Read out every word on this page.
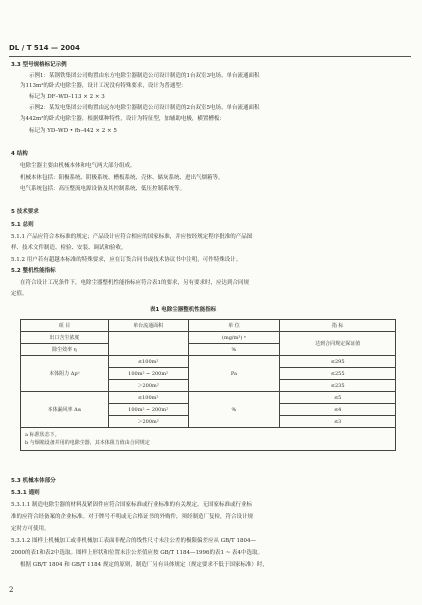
DL / T 514 — 2004
3.3 型号规格标记示例
示例1：某钢铁集团公司购置由东方电除尘器制造公司设计制造的1台双室3电场、单台流通面积
为113m²的卧式电除尘器，设计工况没有特殊要求，设计为普通型：
标记为 DF–WD–113 × 2 × 3
示例2：某发电集团公司购置由远东电除尘器制造公司设计制造的2台双室5电场、单台流通面积
为442m²的卧式电除尘器，根据煤种特性，设计为特征型，加辅助电极，横置槽板：
标记为 YD–WD • fh–442 × 2 × 5
4 结构
电除尘器主要由机械本体和电气两大部分组成。
机械本体包括：阳极系统、阴极系统、槽板系统、壳体、储灰系统、进出气烟箱等。
电气系统包括：高压整流电源设备及其控制系统、低压控制系统等。
5 技术要求
5.1 总则
5.1.1 产品应符合本标准的规定；产品设计应符合相应的国家标准，并应按经规定程序批准的产品图
样、技术文件制造、检验、安装、调试和验收。
5.1.2 用户若有超越本标准的特殊要求，应在订货合同书或技术协议书中注明，可作特殊设计。
5.2 整机性能指标
在符合设计工况条件下，电除尘器整机性能指标应符合表1的要求，另有要求时，应达到合同规
定值。
表1 电除尘器整机性能指标
项 目	单台流通面积	单 位	指 标
出口含尘浓度		(mg/m³) ᵃ	达到合同规定保证值
除尘效率 η		%	
本体阻力 Δpᵇ	≤100m²	Pa	≤295
	100m² ~ 200m²		≤255
	＞200m²		≤235
本体漏风率 Δα	≤100m²	%	≤5
	100m² ~ 200m²		≤4
	＞200m²		≤3

a 标准状态下。
b 与烟箱设备并用的电除尘器，其本体阻力值由合同规定			
5.3 机械本体部分
5.3.1 通则
5.3.1.1 制造电除尘器的材料及紧固件应符合国家标准或行业标准的有关规定。无国家标准或行业标
准的应符合经备案的企业标准。对于牌号不明或无合格证书的外购件，须经制造厂复检，符合设计规
定时方可使用。
5.3.1.2 图样上机械加工或非机械加工表面非配合的线性尺寸未注公差的极限偏差应从 GB/T 1804—
2000的表1和表2中选取。图样上形状和位置未注公差值应按 GB/T 1184—1996的表1 ~ 表4中选取。
根据 GB/T 1804 和 GB/T 1184 规定的原则，制造厂另有具体规定（规定要求不低于国家标准）时，
2
